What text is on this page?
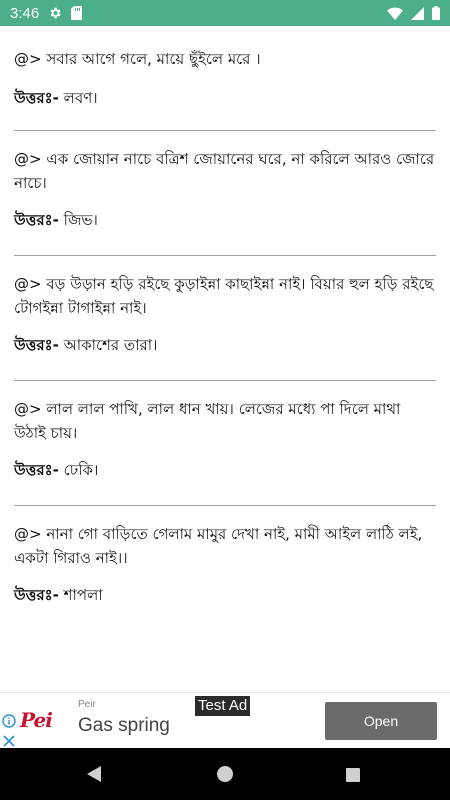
3:46

@> সবার আগে গলে, মায়ে ছুঁইলে মরে ।

উত্তরঃ- লবণ।

@> এক জোয়ান নাচে বত্রিশ জোয়ানের ঘরে, না করিলে আরও জোরে নাচে।

উত্তরঃ- জিভ।

@> বড় উড়ান হড়ি রইছে কুড়াইন্না কাছাইন্না নাই। বিয়ার হুল হড়ি রইছে টোগইন্না টাগাইন্না নাই।

উত্তরঃ- আকাশের তারা।

@> লাল লাল পাখি, লাল ধান খায়। লেজের মধ্যে পা দিলে মাথা উঠাই চায়।

উত্তরঃ- ঢেকি।

@> নানা গো বাড়িতে গেলাম মামুর দেখা নাই, মামী আইল লাঠি লই, একটা গিরাও নাই।।

উত্তরঃ- শাপলা

Pei
Peir
Gas spring
Test Ad
Open
